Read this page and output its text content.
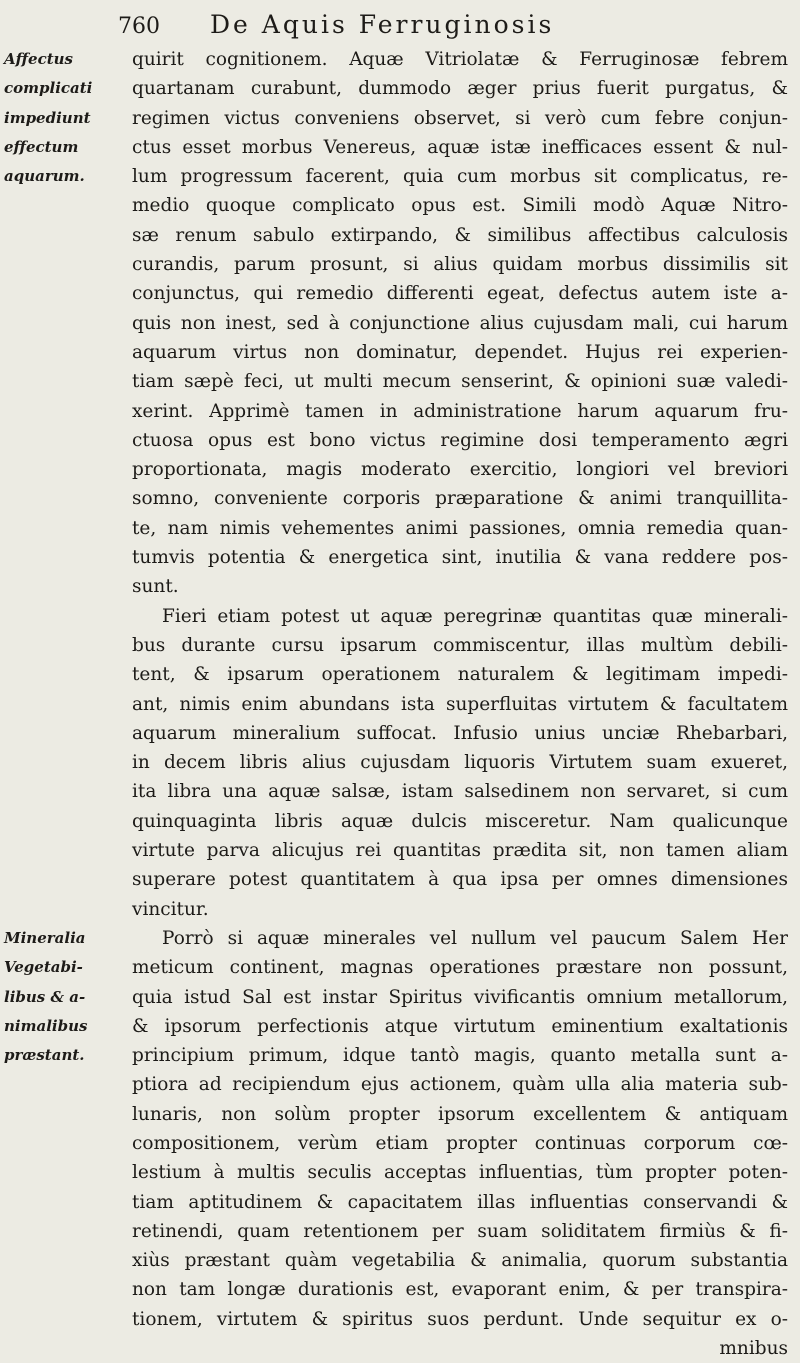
760 De Aquis Ferruginosis
Affectus
complicati
impediunt
effectum
aquarum.
Mineralia
Vegetabi-
libus & a-
nimalibus
præstant.
quirit cognitionem. Aquæ Vitriolatæ & Ferruginosæ febrem
quartanam curabunt, dummodo æger prius fuerit purgatus, &
regimen victus conveniens observet, si verò cum febre conjun-
ctus esset morbus Venereus, aquæ istæ inefficaces essent & nul-
lum progressum facerent, quia cum morbus sit complicatus, re-
medio quoque complicato opus est. Simili modò Aquæ Nitro-
sæ renum sabulo extirpando, & similibus affectibus calculosis
curandis, parum prosunt, si alius quidam morbus dissimilis sit
conjunctus, qui remedio differenti egeat, defectus autem iste a-
quis non inest, sed à conjunctione alius cujusdam mali, cui harum
aquarum virtus non dominatur, dependet. Hujus rei experien-
tiam sæpè feci, ut multi mecum senserint, & opinioni suæ valedi-
xerint. Apprimè tamen in administratione harum aquarum fru-
ctuosa opus est bono victus regimine dosi temperamento ægri
proportionata, magis moderato exercitio, longiori vel breviori
somno, conveniente corporis præparatione & animi tranquillita-
te, nam nimis vehementes animi passiones, omnia remedia quan-
tumvis potentia & energetica sint, inutilia & vana reddere pos-
sunt.
Fieri etiam potest ut aquæ peregrinæ quantitas quæ minerali-
bus durante cursu ipsarum commiscentur, illas multùm debili-
tent, & ipsarum operationem naturalem & legitimam impedi-
ant, nimis enim abundans ista superfluitas virtutem & facultatem
aquarum mineralium suffocat. Infusio unius unciæ Rhebarbari,
in decem libris alius cujusdam liquoris Virtutem suam exueret,
ita libra una aquæ salsæ, istam salsedinem non servaret, si cum
quinquaginta libris aquæ dulcis misceretur. Nam qualicunque
virtute parva alicujus rei quantitas prædita sit, non tamen aliam
superare potest quantitatem à qua ipsa per omnes dimensiones
vincitur.
Porrò si aquæ minerales vel nullum vel paucum Salem Her
meticum continent, magnas operationes præstare non possunt,
quia istud Sal est instar Spiritus vivificantis omnium metallorum,
& ipsorum perfectionis atque virtutum eminentium exaltationis
principium primum, idque tantò magis, quanto metalla sunt a-
ptiora ad recipiendum ejus actionem, quàm ulla alia materia sub-
lunaris, non solùm propter ipsorum excellentem & antiquam
compositionem, verùm etiam propter continuas corporum cœ-
lestium à multis seculis acceptas influentias, tùm propter poten-
tiam aptitudinem & capacitatem illas influentias conservandi &
retinendi, quam retentionem per suam soliditatem firmiùs & fi-
xiùs præstant quàm vegetabilia & animalia, quorum substantia
non tam longæ durationis est, evaporant enim, & per transpira-
tionem, virtutem & spiritus suos perdunt. Unde sequitur ex o-
mnibus
